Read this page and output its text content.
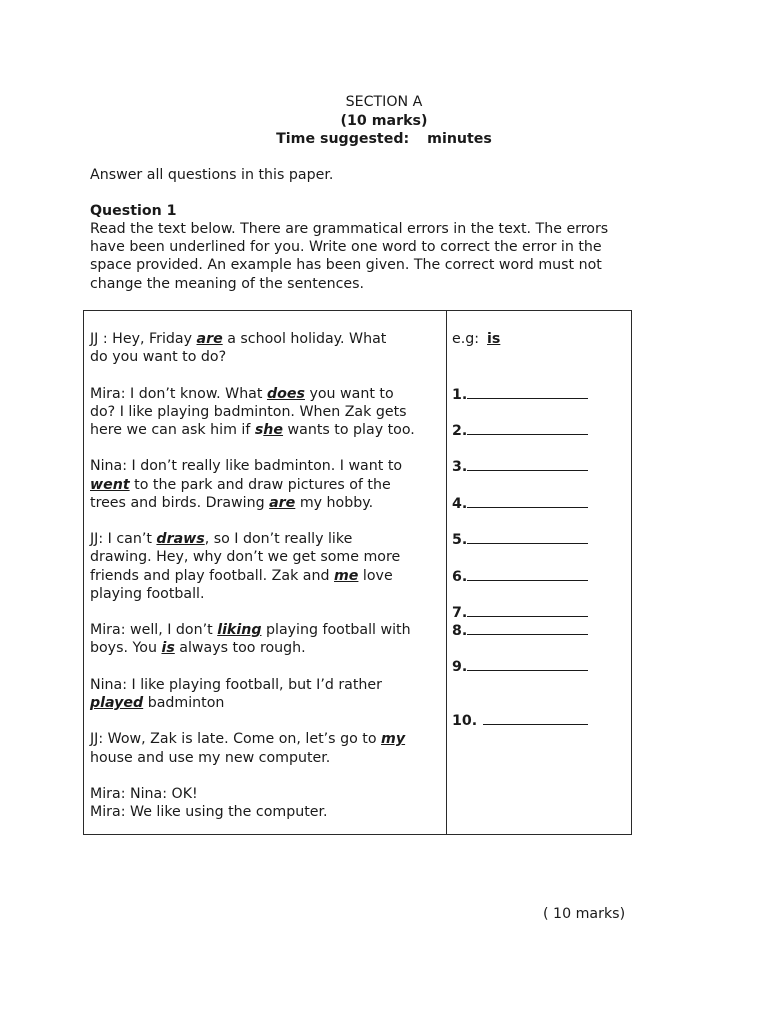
SECTION A
(10 marks)
Time suggested: minutes
Answer all questions in this paper.
Question 1
Read the text below. There are grammatical errors in the text. The errors
have been underlined for you. Write one word to correct the error in the
space provided. An example has been given. The correct word must not
change the meaning of the sentences.
JJ : Hey, Friday are a school holiday. What
do you want to do?
Mira: I don’t know. What does you want to
do? I like playing badminton. When Zak gets
here we can ask him if she wants to play too.
Nina: I don’t really like badminton. I want to
went to the park and draw pictures of the
trees and birds. Drawing are my hobby.
JJ: I can’t draws, so I don’t really like
drawing. Hey, why don’t we get some more
friends and play football. Zak and me love
playing football.
Mira: well, I don’t liking playing football with
boys. You is always too rough.
Nina: I like playing football, but I’d rather
played badminton
JJ: Wow, Zak is late. Come on, let’s go to my
house and use my new computer.
Mira: Nina: OK!
Mira: We like using the computer.
e.g: is
1.
2.
3.
4.
5.
6.
7.
8.
9.
10.
( 10 marks)
